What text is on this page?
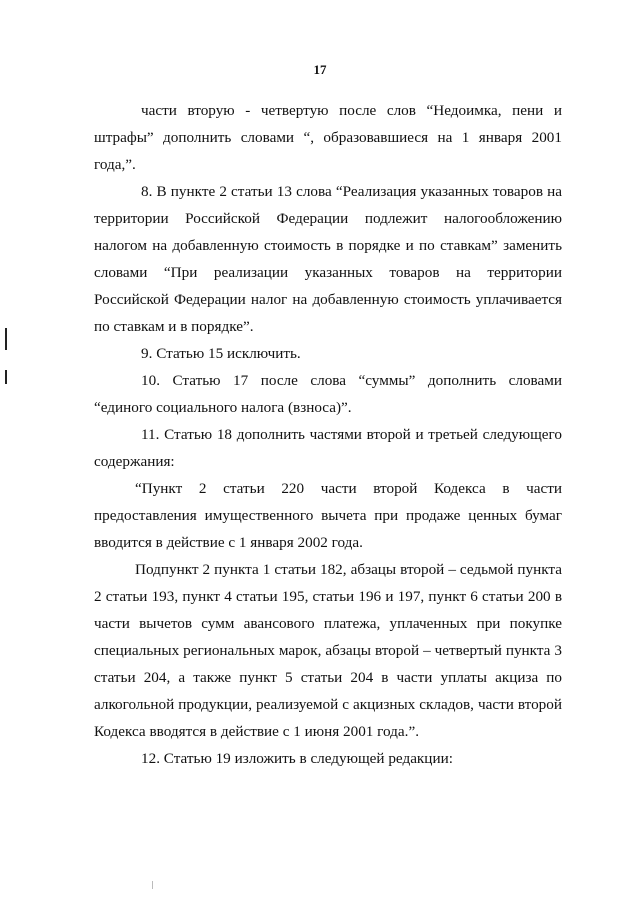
17

части вторую - четвертую после слов “Недоимка, пени и штрафы” дополнить словами “, образовавшиеся на 1 января 2001 года,”.

8. В пункте 2 статьи 13 слова “Реализация указанных товаров на территории Российской Федерации подлежит налогообложению налогом на добавленную стоимость в порядке и по ставкам” заменить словами “При реализации указанных товаров на территории Российской Федерации налог на добавленную стоимость уплачивается по ставкам и в порядке”.

9. Статью 15 исключить.

10. Статью 17 после слова “суммы” дополнить словами “единого социального налога (взноса)”.

11. Статью 18 дополнить частями второй и третьей следующего содержания:

“Пункт 2 статьи 220 части второй Кодекса в части предоставления имущественного вычета при продаже ценных бумаг вводится в действие с 1 января 2002 года.

Подпункт 2 пункта 1 статьи 182, абзацы второй – седьмой пункта 2 статьи 193, пункт 4 статьи 195, статьи 196 и 197, пункт 6 статьи 200 в части вычетов сумм авансового платежа, уплаченных при покупке специальных региональных марок, абзацы второй – четвертый пункта 3 статьи 204, а также пункт 5 статьи 204 в части уплаты акциза по алкогольной продукции, реализуемой с акцизных складов, части второй Кодекса вводятся в действие с 1 июня 2001 года.”.

12. Статью 19 изложить в следующей редакции:
